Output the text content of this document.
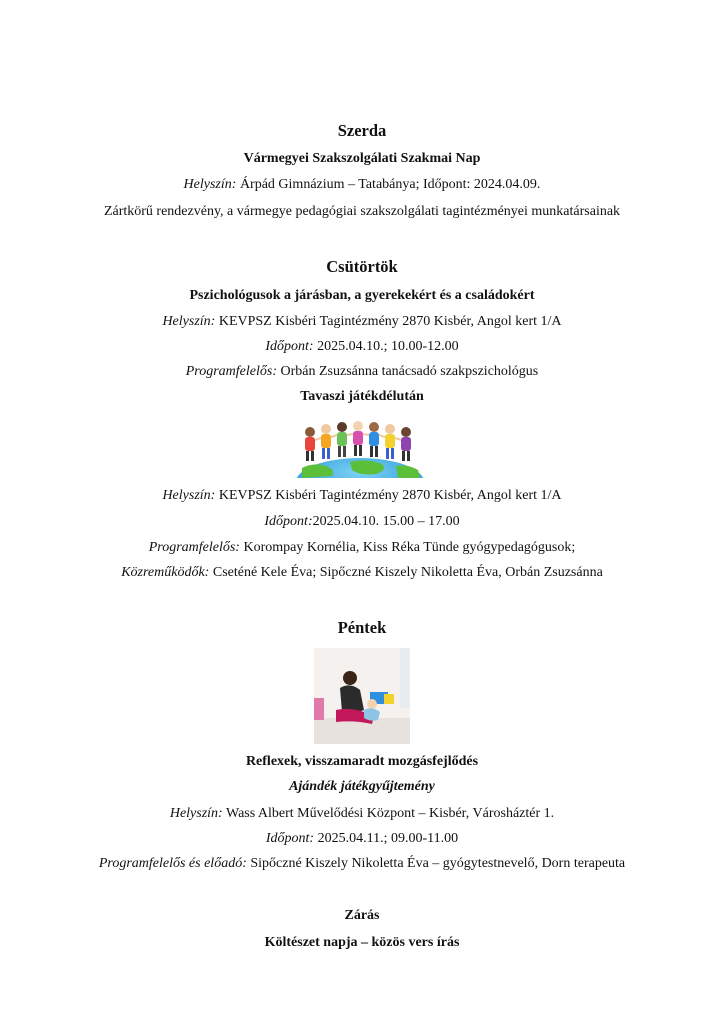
Szerda
Vármegyei Szakszolgálati Szakmai Nap
Helyszín: Árpád Gimnázium – Tatabánya; Időpont: 2024.04.09.
Zártkörű rendezvény, a vármegye pedagógiai szakszolgálati tagintézményei munkatársainak
Csütörtök
Pszichológusok a járásban, a gyerekekért és a családokért
Helyszín: KEVPSZ Kisbéri Tagintézmény 2870 Kisbér, Angol kert 1/A
Időpont: 2025.04.10.; 10.00-12.00
Programfelelős: Orbán Zsuzsánna tanácsadó szakpszichológus
Tavaszi játékdélután
Helyszín: KEVPSZ Kisbéri Tagintézmény 2870 Kisbér, Angol kert 1/A
Időpont:2025.04.10. 15.00 – 17.00
Programfelelős: Korompay Kornélia, Kiss Réka Tünde gyógypedagógusok;
Közreműködők: Cseténé Kele Éva; Sipőczné Kiszely Nikoletta Éva, Orbán Zsuzsánna
Péntek
Reflexek, visszamaradt mozgásfejlődés
Ajándék játékgyűjtemény
Helyszín: Wass Albert Művelődési Központ – Kisbér, Városháztér 1.
Időpont: 2025.04.11.; 09.00-11.00
Programfelelős és előadó: Sipőczné Kiszely Nikoletta Éva – gyógytestnevelő, Dorn terapeuta
Zárás
Költészet napja – közös vers írás
